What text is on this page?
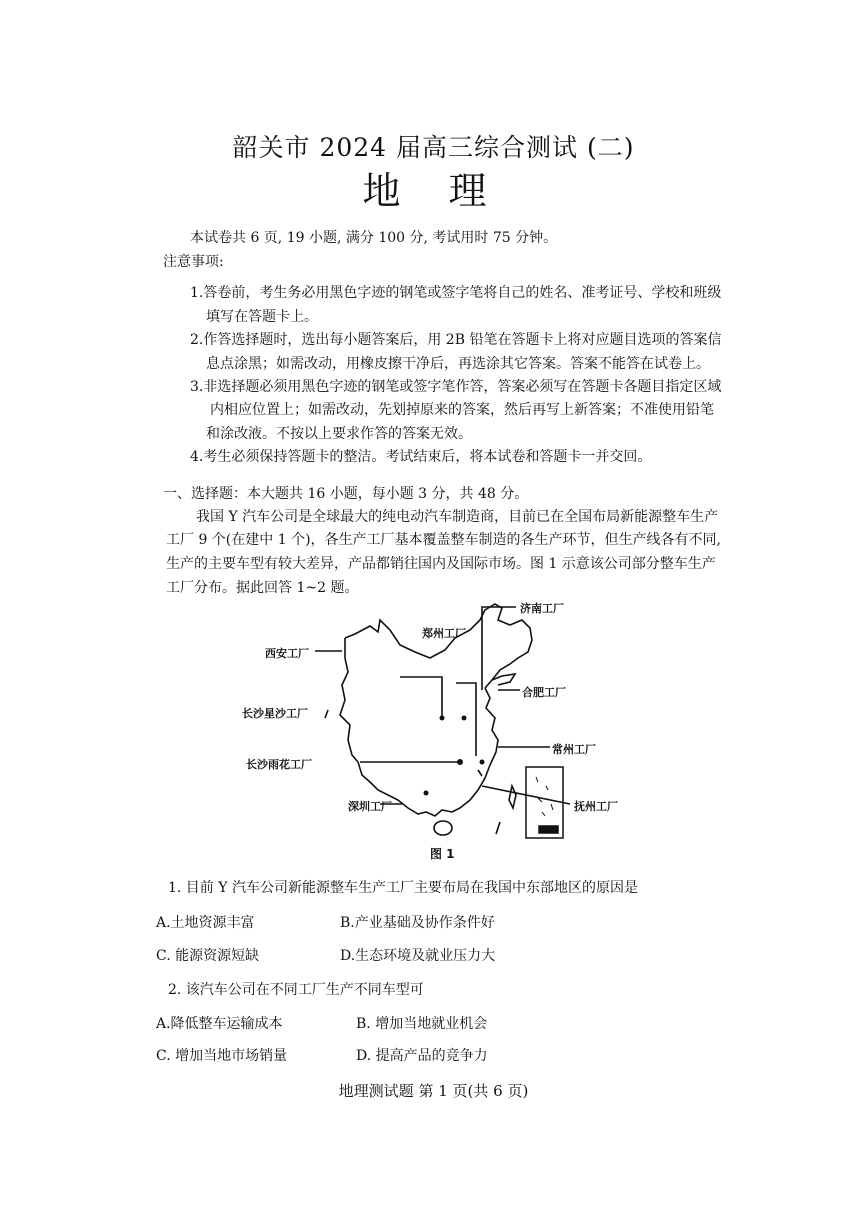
韶关市 2024 届高三综合测试 (二)
地 理
本试卷共 6 页, 19 小题, 满分 100 分, 考试用时 75 分钟。
注意事项:
1.答卷前，考生务必用黑色字迹的钢笔或签字笔将自己的姓名、准考证号、学校和班级
填写在答题卡上。
2.作答选择题时，选出每小题答案后，用 2B 铅笔在答题卡上将对应题目选项的答案信
息点涂黑；如需改动，用橡皮擦干净后，再选涂其它答案。答案不能答在试卷上。
3.非选择题必须用黑色字迹的钢笔或签字笔作答，答案必须写在答题卡各题目指定区域
内相应位置上；如需改动，先划掉原来的答案，然后再写上新答案；不准使用铅笔
和涂改液。不按以上要求作答的答案无效。
4.考生必须保持答题卡的整洁。考试结束后，将本试卷和答题卡一并交回。
一、选择题：本大题共 16 小题，每小题 3 分，共 48 分。
我国 Y 汽车公司是全球最大的纯电动汽车制造商，目前已在全国布局新能源整车生产
工厂 9 个(在建中 1 个)，各生产工厂基本覆盖整车制造的各生产环节，但生产线各有不同,
生产的主要车型有较大差异，产品都销往国内及国际市场。图 1 示意该公司部分整车生产
工厂分布。据此回答 1~2 题。
济南工厂
郑州工厂
西安工厂
合肥工厂
长沙星沙工厂
常州工厂
长沙雨花工厂
深圳工厂	抚州工厂
图 1
1. 目前 Y 汽车公司新能源整车生产工厂主要布局在我国中东部地区的原因是
A.土地资源丰富	B.产业基础及协作条件好
C. 能源资源短缺	D.生态环境及就业压力大
2. 该汽车公司在不同工厂生产不同车型可
A.降低整车运输成本	B. 增加当地就业机会
C. 增加当地市场销量	D. 提高产品的竞争力
地理测试题 第 1 页(共 6 页)
